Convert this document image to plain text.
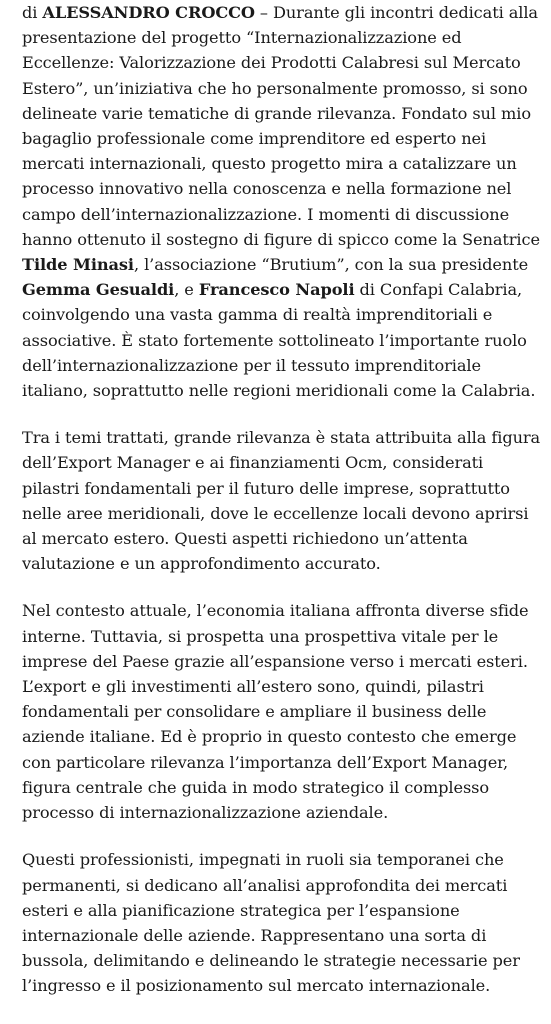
di ALESSANDRO CROCCO – Durante gli incontri dedicati alla presentazione del progetto “Internazionalizzazione ed Eccellenze: Valorizzazione dei Prodotti Calabresi sul Mercato Estero”, un’iniziativa che ho personalmente promosso, si sono delineate varie tematiche di grande rilevanza. Fondato sul mio bagaglio professionale come imprenditore ed esperto nei mercati internazionali, questo progetto mira a catalizzare un processo innovativo nella conoscenza e nella formazione nel campo dell’internazionalizzazione. I momenti di discussione hanno ottenuto il sostegno di figure di spicco come la Senatrice Tilde Minasi, l’associazione “Brutium”, con la sua presidente Gemma Gesualdi, e Francesco Napoli di Confapi Calabria, coinvolgendo una vasta gamma di realtà imprenditoriali e associative. È stato fortemente sottolineato l’importante ruolo dell’internazionalizzazione per il tessuto imprenditoriale italiano, soprattutto nelle regioni meridionali come la Calabria.

Tra i temi trattati, grande rilevanza è stata attribuita alla figura dell’Export Manager e ai finanziamenti Ocm, considerati pilastri fondamentali per il futuro delle imprese, soprattutto nelle aree meridionali, dove le eccellenze locali devono aprirsi al mercato estero. Questi aspetti richiedono un’attenta valutazione e un approfondimento accurato.

Nel contesto attuale, l’economia italiana affronta diverse sfide interne. Tuttavia, si prospetta una prospettiva vitale per le imprese del Paese grazie all’espansione verso i mercati esteri. L’export e gli investimenti all’estero sono, quindi, pilastri fondamentali per consolidare e ampliare il business delle aziende italiane. Ed è proprio in questo contesto che emerge con particolare rilevanza l’importanza dell’Export Manager, figura centrale che guida in modo strategico il complesso processo di internazionalizzazione aziendale.

Questi professionisti, impegnati in ruoli sia temporanei che permanenti, si dedicano all’analisi approfondita dei mercati esteri e alla pianificazione strategica per l’espansione internazionale delle aziende. Rappresentano una sorta di bussola, delimitando e delineando le strategie necessarie per l’ingresso e il posizionamento sul mercato internazionale.
